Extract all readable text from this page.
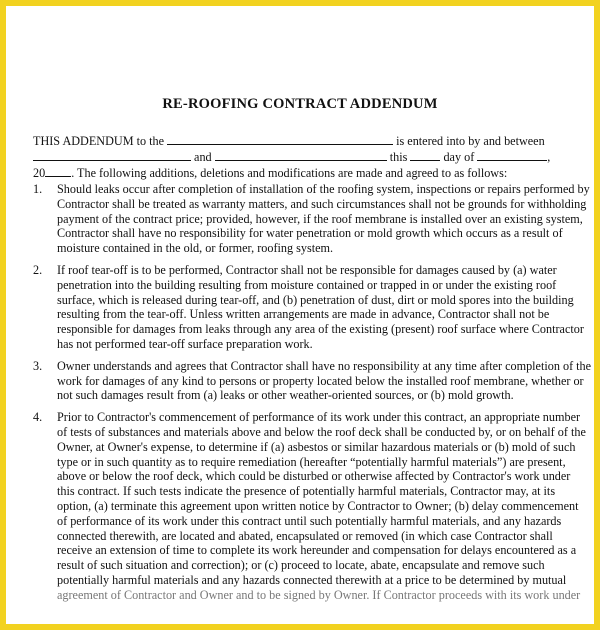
RE-ROOFING CONTRACT ADDENDUM

THIS ADDENDUM to the	is entered into by and between

and	this	day of	,

20 . The following additions, deletions and modifications are made and agreed to as follows:

1. Should leaks occur after completion of installation of the roofing system, inspections or repairs performed by
Contractor shall be treated as warranty matters, and such circumstances shall not be grounds for withholding
payment of the contract price; provided, however, if the roof membrane is installed over an existing system,
Contractor shall have no responsibility for water penetration or mold growth which occurs as a result of
moisture contained in the old, or former, roofing system.
2. If roof tear-off is to be performed, Contractor shall not be responsible for damages caused by (a) water
penetration into the building resulting from moisture contained or trapped in or under the existing roof
surface, which is released during tear-off, and (b) penetration of dust, dirt or mold spores into the building
resulting from the tear-off. Unless written arrangements are made in advance, Contractor shall not be
responsible for damages from leaks through any area of the existing (present) roof surface where Contractor
has not performed tear-off surface preparation work.
3. Owner understands and agrees that Contractor shall have no responsibility at any time after completion of the
work for damages of any kind to persons or property located below the installed roof membrane, whether or
not such damages result from (a) leaks or other weather-oriented sources, or (b) mold growth.
4. Prior to Contractor's commencement of performance of its work under this contract, an appropriate number
of tests of substances and materials above and below the roof deck shall be conducted by, or on behalf of the
Owner, at Owner's expense, to determine if (a) asbestos or similar hazardous materials or (b) mold of such
type or in such quantity as to require remediation (hereafter “potentially harmful materials”) are present,
above or below the roof deck, which could be disturbed or otherwise affected by Contractor's work under
this contract. If such tests indicate the presence of potentially harmful materials, Contractor may, at its
option, (a) terminate this agreement upon written notice by Contractor to Owner; (b) delay commencement
of performance of its work under this contract until such potentially harmful materials, and any hazards
connected therewith, are located and abated, encapsulated or removed (in which case Contractor shall
receive an extension of time to complete its work hereunder and compensation for delays encountered as a
result of such situation and correction); or (c) proceed to locate, abate, encapsulate and remove such
potentially harmful materials and any hazards connected therewith at a price to be determined by mutual
agreement of Contractor and Owner and to be signed by Owner. If Contractor proceeds with its work under
